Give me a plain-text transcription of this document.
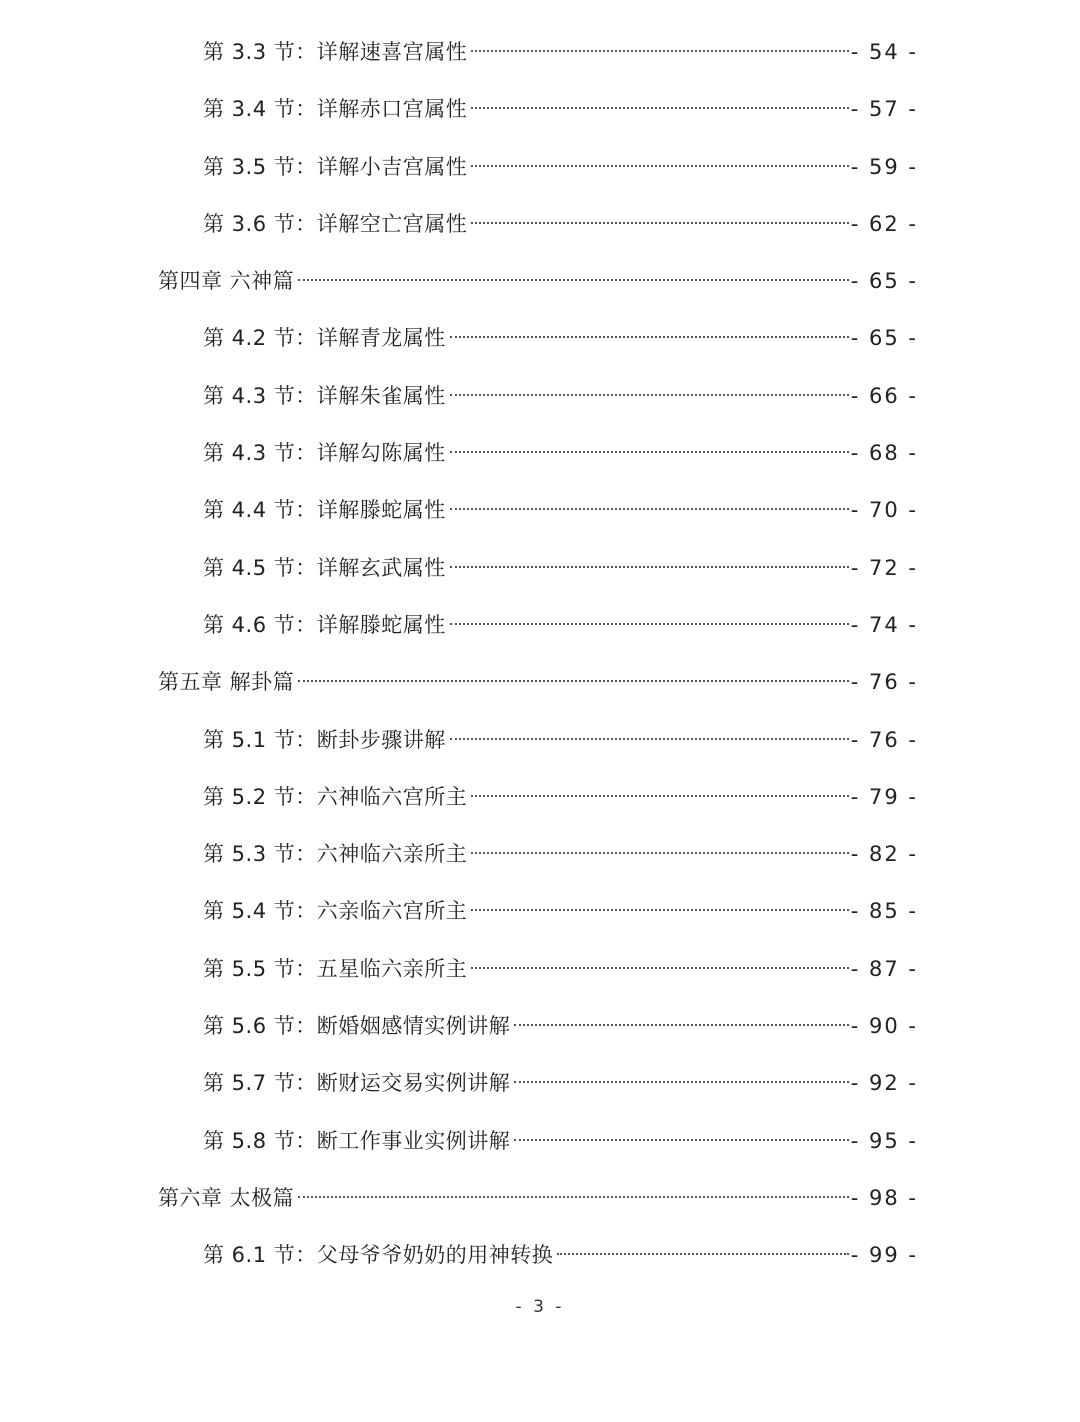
第 3.3 节：详解速喜宫属性	- 54 -
第 3.4 节：详解赤口宫属性	- 57 -
第 3.5 节：详解小吉宫属性	- 59 -
第 3.6 节：详解空亡宫属性	- 62 -
第四章 六神篇	- 65 -
第 4.2 节：详解青龙属性	- 65 -
第 4.3 节：详解朱雀属性	- 66 -
第 4.3 节：详解勾陈属性	- 68 -
第 4.4 节：详解滕蛇属性	- 70 -
第 4.5 节：详解玄武属性	- 72 -
第 4.6 节：详解滕蛇属性	- 74 -
第五章 解卦篇	- 76 -
第 5.1 节：断卦步骤讲解	- 76 -
第 5.2 节：六神临六宫所主	- 79 -
第 5.3 节：六神临六亲所主	- 82 -
第 5.4 节：六亲临六宫所主	- 85 -
第 5.5 节：五星临六亲所主	- 87 -
第 5.6 节：断婚姻感情实例讲解	- 90 -
第 5.7 节：断财运交易实例讲解	- 92 -
第 5.8 节：断工作事业实例讲解	- 95 -
第六章 太极篇	- 98 -
第 6.1 节：父母爷爷奶奶的用神转换	- 99 -
- 3 -
